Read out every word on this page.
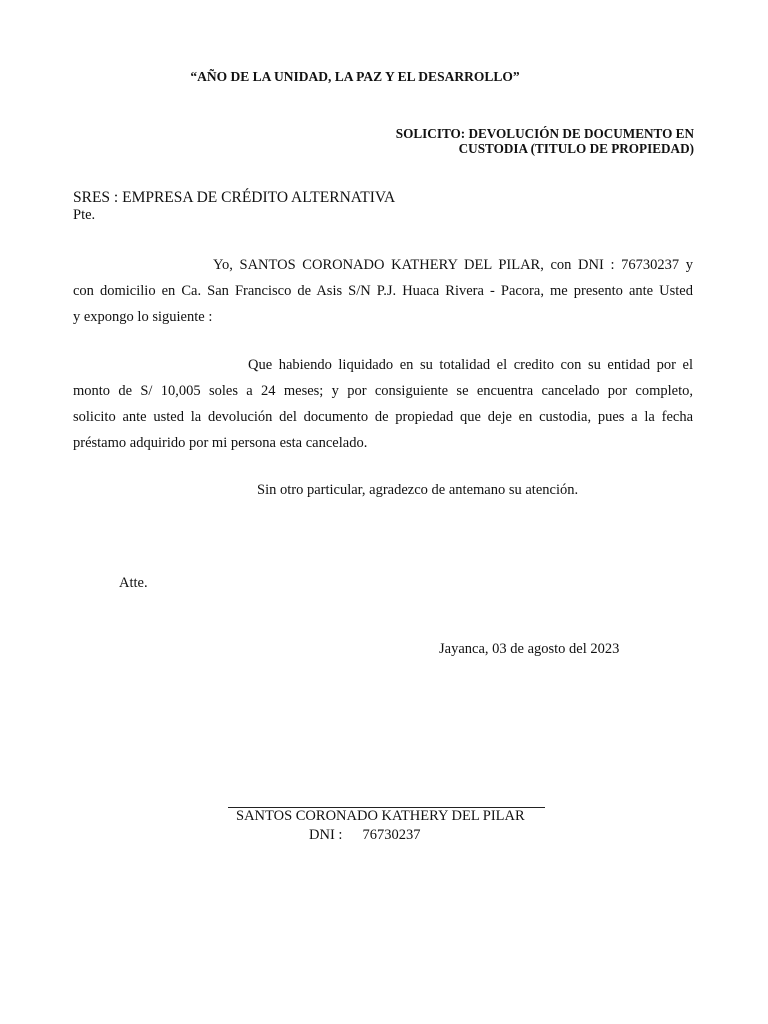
“AÑO DE LA UNIDAD, LA PAZ Y EL DESARROLLO”
SOLICITO: DEVOLUCIÓN DE DOCUMENTO EN
CUSTODIA (TITULO DE PROPIEDAD)
SRES : EMPRESA DE CRÉDITO ALTERNATIVA
Pte.
Yo, SANTOS CORONADO KATHERY DEL PILAR, con DNI : 76730237 y
con domicilio en Ca. San Francisco de Asis S/N P.J. Huaca Rivera - Pacora, me presento ante Usted
y expongo lo siguiente :
Que habiendo liquidado en su totalidad el credito con su entidad por el
monto de S/ 10,005 soles a 24 meses; y por consiguiente se encuentra cancelado por completo,
solicito ante usted la devolución del documento de propiedad que deje en custodia, pues a la fecha
préstamo adquirido por mi persona esta cancelado.
Sin otro particular, agradezco de antemano su atención.
Atte.
Jayanca, 03 de agosto del 2023
SANTOS CORONADO KATHERY DEL PILAR
DNI : 76730237
